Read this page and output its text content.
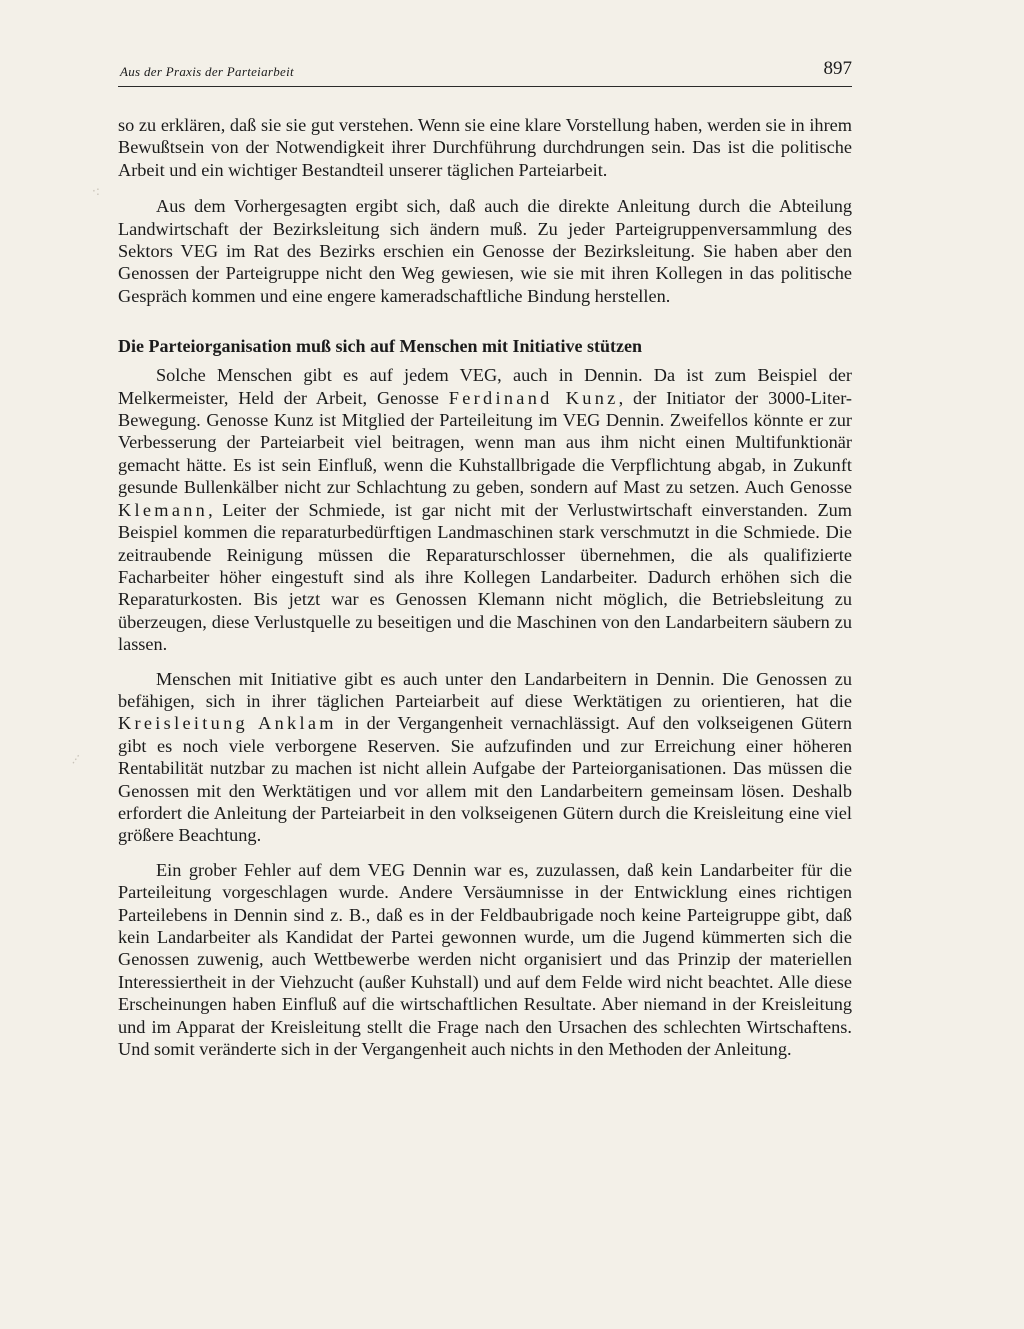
·:
⋮
Aus der Praxis der Parteiarbeit	897

so zu erklären, daß sie sie gut verstehen. Wenn sie eine klare Vorstellung haben, werden sie in ihrem Bewußtsein von der Notwendigkeit ihrer Durchführung durchdrungen sein. Das ist die politische Arbeit und ein wichtiger Bestandteil unserer täglichen Parteiarbeit.

Aus dem Vorhergesagten ergibt sich, daß auch die direkte Anleitung durch die Abteilung Landwirtschaft der Bezirksleitung sich ändern muß. Zu jeder Parteigruppenversammlung des Sektors VEG im Rat des Bezirks erschien ein Genosse der Bezirksleitung. Sie haben aber den Genossen der Parteigruppe nicht den Weg gewiesen, wie sie mit ihren Kollegen in das politische Gespräch kommen und eine engere kameradschaftliche Bindung herstellen.

Die Parteiorganisation muß sich auf Menschen mit Initiative stützen

Solche Menschen gibt es auf jedem VEG, auch in Dennin. Da ist zum Beispiel der Melkermeister, Held der Arbeit, Genosse Ferdinand Kunz, der Initiator der 3000-Liter-Bewegung. Genosse Kunz ist Mitglied der Parteileitung im VEG Dennin. Zweifellos könnte er zur Verbesserung der Parteiarbeit viel beitragen, wenn man aus ihm nicht einen Multifunktionär gemacht hätte. Es ist sein Einfluß, wenn die Kuhstallbrigade die Verpflichtung abgab, in Zukunft gesunde Bullenkälber nicht zur Schlachtung zu geben, sondern auf Mast zu setzen. Auch Genosse Klemann, Leiter der Schmiede, ist gar nicht mit der Verlustwirtschaft einverstanden. Zum Beispiel kommen die reparaturbedürftigen Landmaschinen stark verschmutzt in die Schmiede. Die zeitraubende Reinigung müssen die Reparaturschlosser übernehmen, die als qualifizierte Facharbeiter höher eingestuft sind als ihre Kollegen Landarbeiter. Dadurch erhöhen sich die Reparaturkosten. Bis jetzt war es Genossen Klemann nicht möglich, die Betriebsleitung zu überzeugen, diese Verlustquelle zu beseitigen und die Maschinen von den Landarbeitern säubern zu lassen.

Menschen mit Initiative gibt es auch unter den Landarbeitern in Dennin. Die Genossen zu befähigen, sich in ihrer täglichen Parteiarbeit auf diese Werktätigen zu orientieren, hat die Kreisleitung Anklam in der Vergangenheit vernachlässigt. Auf den volkseigenen Gütern gibt es noch viele verborgene Reserven. Sie aufzufinden und zur Erreichung einer höheren Rentabilität nutzbar zu machen ist nicht allein Aufgabe der Parteiorganisationen. Das müssen die Genossen mit den Werktätigen und vor allem mit den Landarbeitern gemeinsam lösen. Deshalb erfordert die Anleitung der Parteiarbeit in den volkseigenen Gütern durch die Kreisleitung eine viel größere Beachtung.

Ein grober Fehler auf dem VEG Dennin war es, zuzulassen, daß kein Landarbeiter für die Parteileitung vorgeschlagen wurde. Andere Versäumnisse in der Entwicklung eines richtigen Parteilebens in Dennin sind z. B., daß es in der Feldbaubrigade noch keine Parteigruppe gibt, daß kein Landarbeiter als Kandidat der Partei gewonnen wurde, um die Jugend kümmerten sich die Genossen zuwenig, auch Wettbewerbe werden nicht organisiert und das Prinzip der materiellen Interessiertheit in der Viehzucht (außer Kuhstall) und auf dem Felde wird nicht beachtet. Alle diese Erscheinungen haben Einfluß auf die wirtschaftlichen Resultate. Aber niemand in der Kreisleitung und im Apparat der Kreisleitung stellt die Frage nach den Ursachen des schlechten Wirtschaftens. Und somit veränderte sich in der Vergangenheit auch nichts in den Methoden der Anleitung.
